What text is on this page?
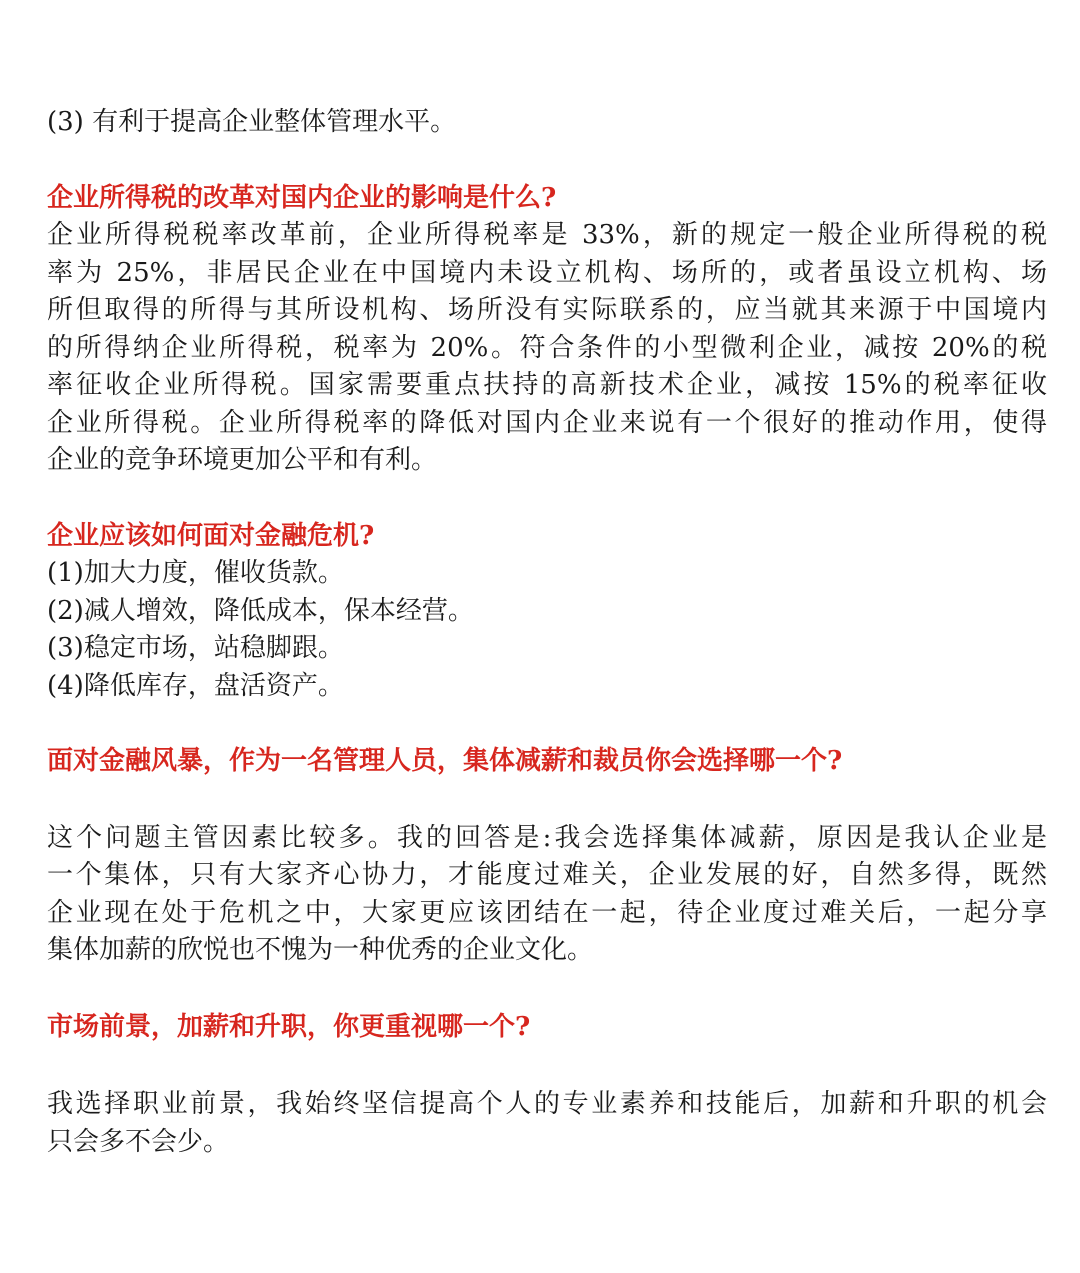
(3) 有利于提高企业整体管理水平。

企业所得税的改革对国内企业的影响是什么?

企业所得税税率改革前，企业所得税率是 33%，新的规定一般企业所得税的税

率为 25%，非居民企业在中国境内未设立机构、场所的，或者虽设立机构、场

所但取得的所得与其所设机构、场所没有实际联系的，应当就其来源于中国境内

的所得纳企业所得税，税率为 20%。符合条件的小型微利企业，减按 20%的税

率征收企业所得税。国家需要重点扶持的高新技术企业，减按 15%的税率征收

企业所得税。企业所得税率的降低对国内企业来说有一个很好的推动作用，使得

企业的竞争环境更加公平和有利。

企业应该如何面对金融危机?

(1)加大力度，催收货款。

(2)减人增效，降低成本，保本经营。

(3)稳定市场，站稳脚跟。

(4)降低库存，盘活资产。

面对金融风暴，作为一名管理人员，集体减薪和裁员你会选择哪一个?

这个问题主管因素比较多。我的回答是:我会选择集体减薪，原因是我认企业是

一个集体，只有大家齐心协力，才能度过难关，企业发展的好，自然多得，既然

企业现在处于危机之中，大家更应该团结在一起，待企业度过难关后，一起分享

集体加薪的欣悦也不愧为一种优秀的企业文化。

市场前景，加薪和升职，你更重视哪一个?

我选择职业前景，我始终坚信提高个人的专业素养和技能后，加薪和升职的机会

只会多不会少。
